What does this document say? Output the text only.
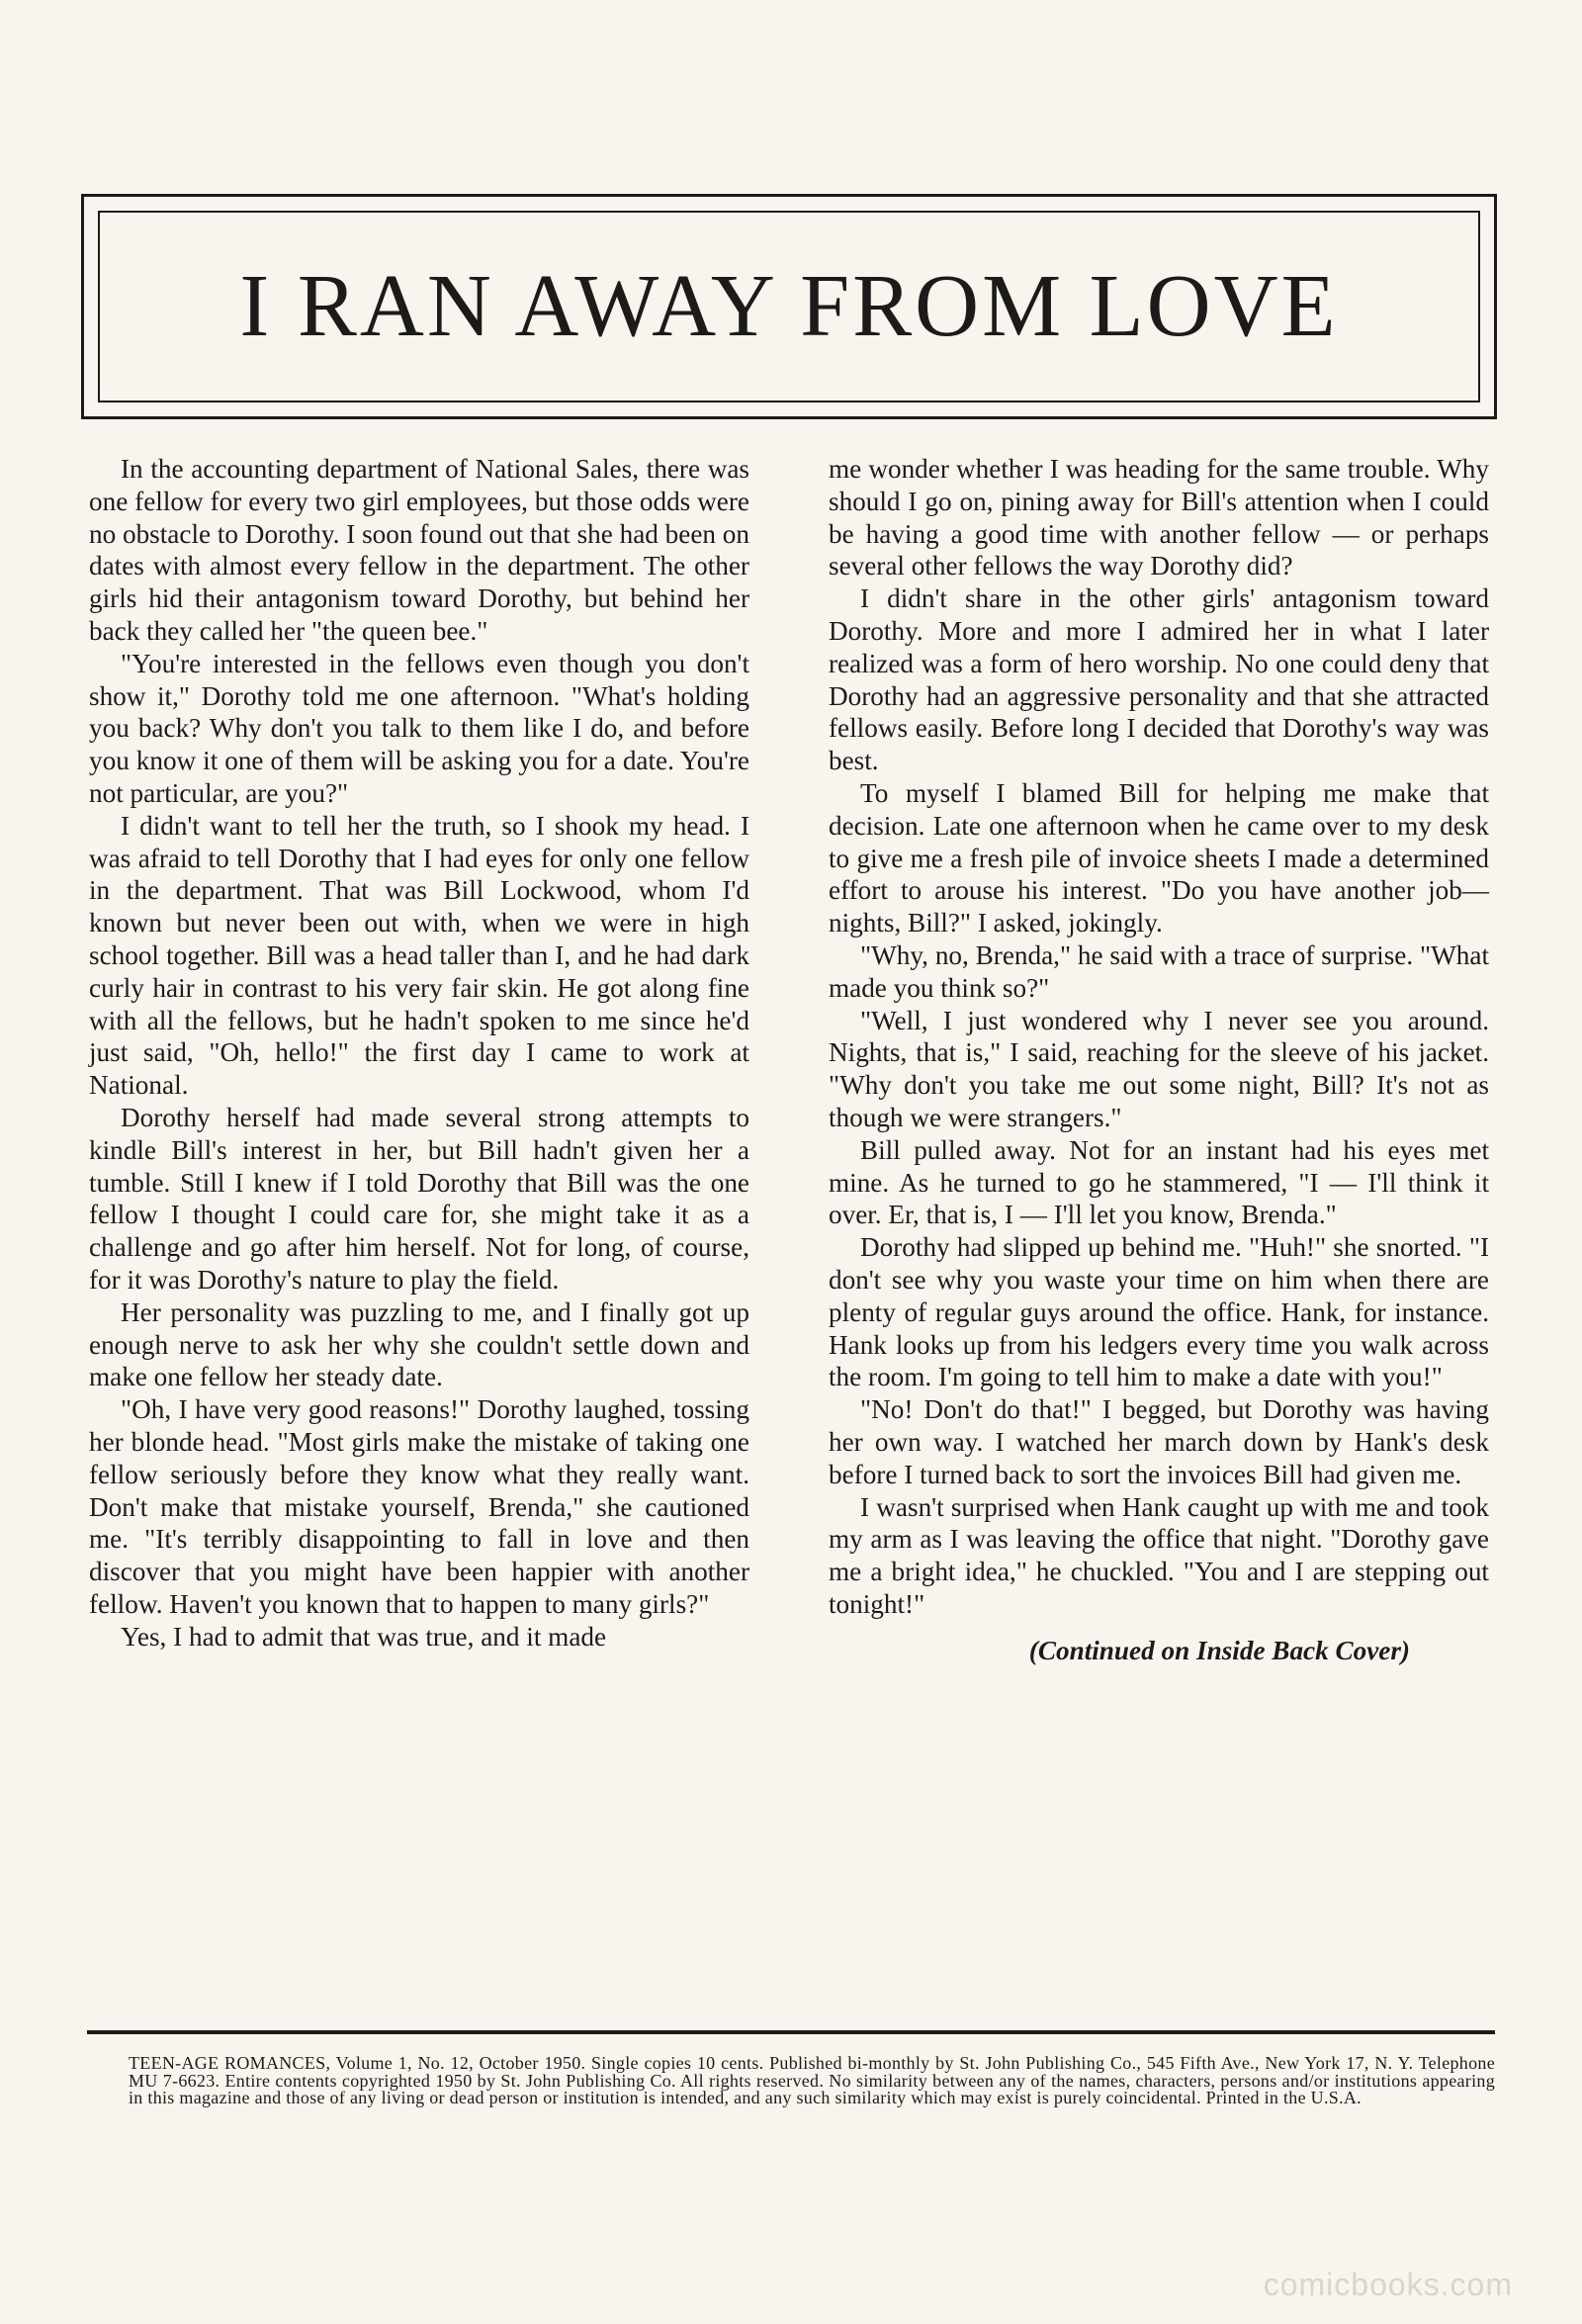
I RAN AWAY FROM LOVE

In the accounting department of National Sales, there was one fellow for every two girl employees, but those odds were no obstacle to Dorothy. I soon found out that she had been on dates with almost every fellow in the department. The other girls hid their antagonism toward Dorothy, but behind her back they called her "the queen bee."

"You're interested in the fellows even though you don't show it," Dorothy told me one afternoon. "What's holding you back? Why don't you talk to them like I do, and before you know it one of them will be asking you for a date. You're not particular, are you?"

I didn't want to tell her the truth, so I shook my head. I was afraid to tell Dorothy that I had eyes for only one fellow in the department. That was Bill Lockwood, whom I'd known but never been out with, when we were in high school together. Bill was a head taller than I, and he had dark curly hair in contrast to his very fair skin. He got along fine with all the fellows, but he hadn't spoken to me since he'd just said, "Oh, hello!" the first day I came to work at National.

Dorothy herself had made several strong attempts to kindle Bill's interest in her, but Bill hadn't given her a tumble. Still I knew if I told Dorothy that Bill was the one fellow I thought I could care for, she might take it as a challenge and go after him herself. Not for long, of course, for it was Dorothy's nature to play the field.

Her personality was puzzling to me, and I finally got up enough nerve to ask her why she couldn't settle down and make one fellow her steady date.

"Oh, I have very good reasons!" Dorothy laughed, tossing her blonde head. "Most girls make the mistake of taking one fellow seriously before they know what they really want. Don't make that mistake yourself, Brenda," she cautioned me. "It's terribly disappointing to fall in love and then discover that you might have been happier with another fellow. Haven't you known that to happen to many girls?"

Yes, I had to admit that was true, and it made

me wonder whether I was heading for the same trouble. Why should I go on, pining away for Bill's attention when I could be having a good time with another fellow — or perhaps several other fellows the way Dorothy did?

I didn't share in the other girls' antagonism toward Dorothy. More and more I admired her in what I later realized was a form of hero worship. No one could deny that Dorothy had an aggressive personality and that she attracted fellows easily. Before long I decided that Dorothy's way was best.

To myself I blamed Bill for helping me make that decision. Late one afternoon when he came over to my desk to give me a fresh pile of invoice sheets I made a determined effort to arouse his interest. "Do you have another job—nights, Bill?" I asked, jokingly.

"Why, no, Brenda," he said with a trace of surprise. "What made you think so?"

"Well, I just wondered why I never see you around. Nights, that is," I said, reaching for the sleeve of his jacket. "Why don't you take me out some night, Bill? It's not as though we were strangers."

Bill pulled away. Not for an instant had his eyes met mine. As he turned to go he stammered, "I — I'll think it over. Er, that is, I — I'll let you know, Brenda."

Dorothy had slipped up behind me. "Huh!" she snorted. "I don't see why you waste your time on him when there are plenty of regular guys around the office. Hank, for instance. Hank looks up from his ledgers every time you walk across the room. I'm going to tell him to make a date with you!"

"No! Don't do that!" I begged, but Dorothy was having her own way. I watched her march down by Hank's desk before I turned back to sort the invoices Bill had given me.

I wasn't surprised when Hank caught up with me and took my arm as I was leaving the office that night. "Dorothy gave me a bright idea," he chuckled. "You and I are stepping out tonight!"

(Continued on Inside Back Cover)
TEEN-AGE ROMANCES, Volume 1, No. 12, October 1950. Single copies 10 cents. Published bi-monthly by St. John Publishing Co., 545 Fifth Ave., New York 17, N. Y. Telephone MU 7-6623. Entire contents copyrighted 1950 by St. John Publishing Co. All rights reserved. No similarity between any of the names, characters, persons and/or institutions appearing in this magazine and those of any living or dead person or institution is intended, and any such similarity which may exist is purely coincidental. Printed in the U.S.A.
comicbooks.com
